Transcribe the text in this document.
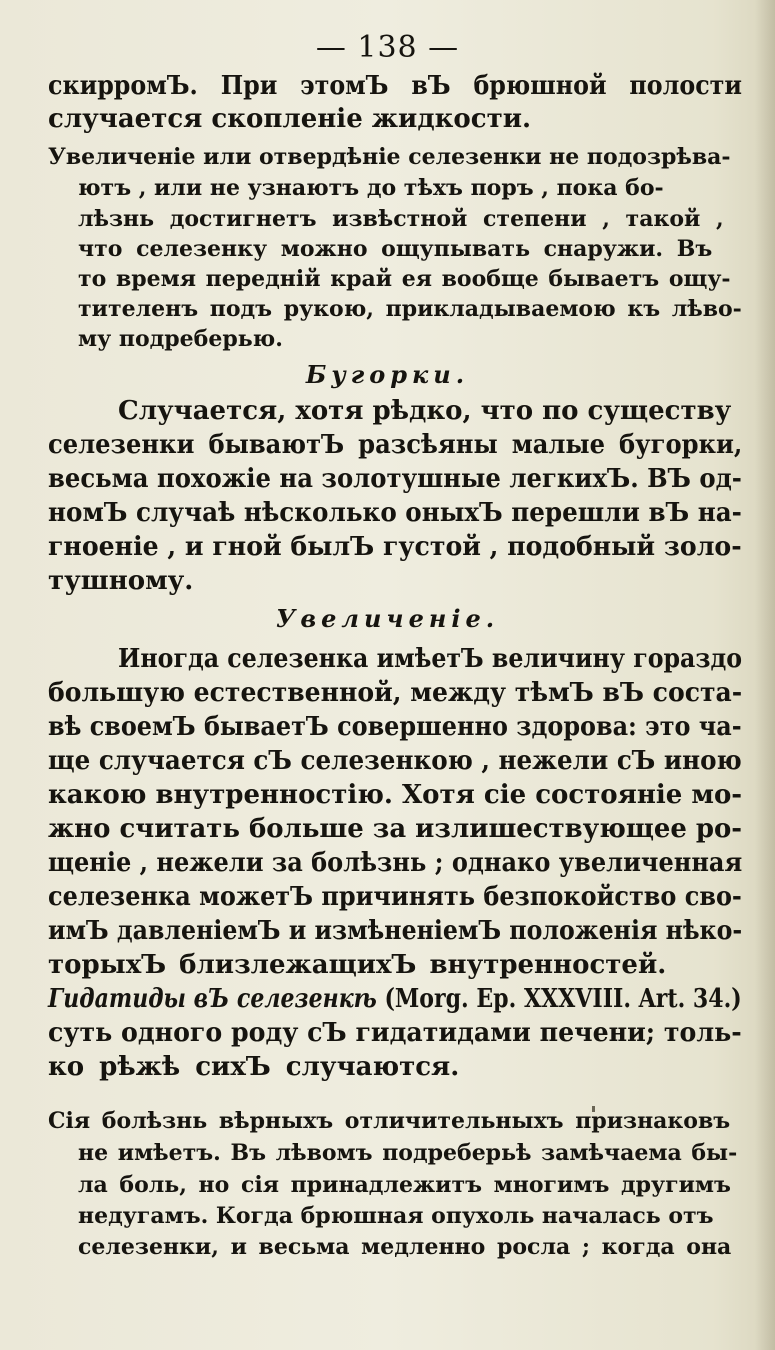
— 138 —
скирромЪ. При этомЪ вЪ брюшной полости
случается скопленіе жидкости.
Увеличеніе или отвердѣніе селезенки не подозрѣва-
ютъ , или не узнаютъ до тѣхъ поръ , пока бо-
лѣзнь достигнетъ извѣстной степени , такой ,
что селезенку можно ощупывать снаружи. Въ
то время передній край ея вообще бываетъ ощу-
тителенъ подъ рукою, прикладываемою къ лѣво-
му подреберью.
Бугорки.
Случается, хотя рѣдко, что по существу
селезенки бываютЪ разсѣяны малые бугорки,
весьма похожіе на золотушные легкихЪ. ВЪ од-
номЪ случаѣ нѣсколько оныхЪ перешли вЪ на-
гноеніе , и гной былЪ густой , подобный золо-
тушному.
Увеличеніе.
Иногда селезенка имѣетЪ величину гораздо
большую естественной, между тѣмЪ вЪ соста-
вѣ своемЪ бываетЪ совершенно здорова: это ча-
ще случается сЪ селезенкою , нежели сЪ иною
какою внутренностію. Хотя сіе состояніе мо-
жно считать больше за излишествующее ро-
щеніе , нежели за болѣзнь ; однако увеличенная
селезенка можетЪ причинять безпокойство сво-
имЪ давленіемЪ и измѣненіемЪ положенія нѣко-
торыхЪ близлежащихЪ внутренностей.
Гидатиды вЪ селезенкѣ (Morg. Ep. XXXVIII. Art. 34.)
суть одного роду сЪ гидатидами печени; толь-
ко рѣжѣ сихЪ случаются.
Сія болѣзнь вѣрныхъ отличительныхъ признаковъ
не имѣетъ. Въ лѣвомъ подреберьѣ замѣчаема бы-
ла боль, но сія принадлежитъ многимъ другимъ
недугамъ. Когда брюшная опухоль началась отъ
селезенки, и весьма медленно росла ; когда она
